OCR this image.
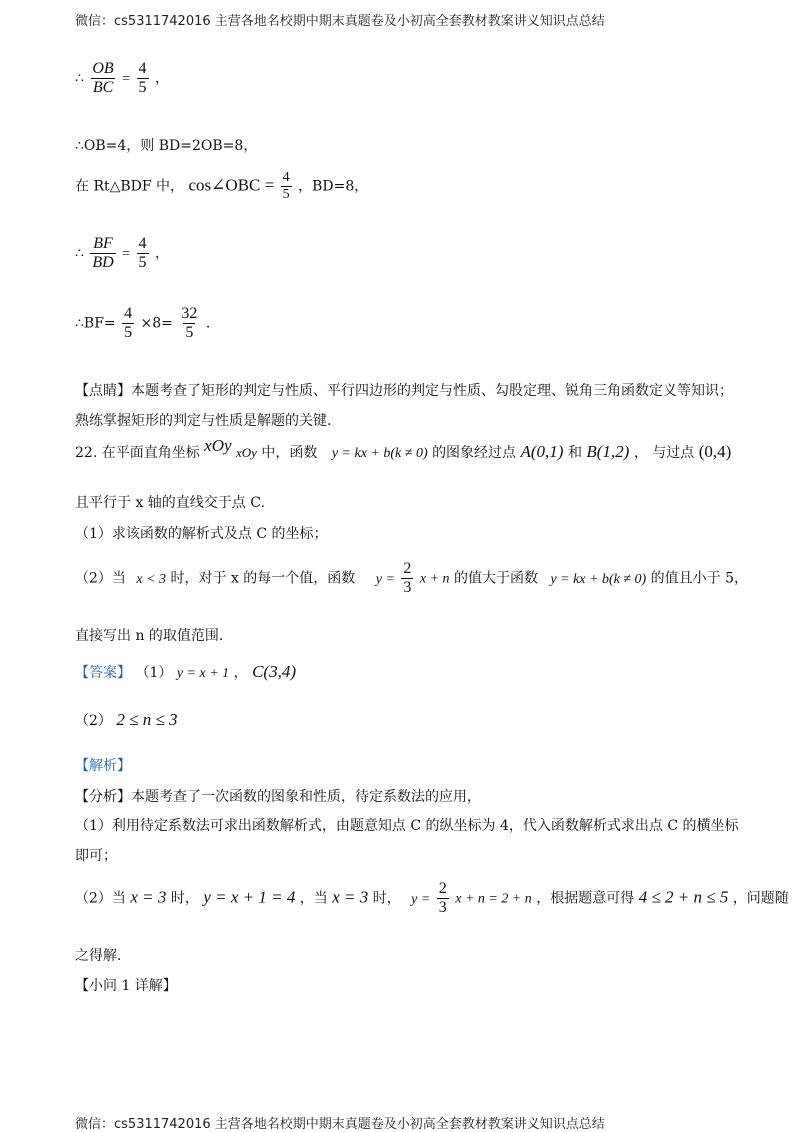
微信：cs5311742016 主营各地名校期中期末真题卷及小初高全套教材教案讲义知识点总结
∴ $\frac{OB}{BC} = \frac{4}{5}$ ，
∴OB=4，则 BD=2OB=8，
在 Rt△BDF 中， cos∠OBC = $\frac{4}{5}$ ，BD=8，
∴ $\frac{BF}{BD} = \frac{4}{5}$ ，
∴BF= $\frac{4}{5} \times 8= \frac{32}{5}$ ．
【点睛】本题考查了矩形的判定与性质、平行四边形的判定与性质、勾股定理、锐角三角函数定义等知识；
熟练掌握矩形的判定与性质是解题的关键．
22. 在平面直角坐标 xOy xOy 中，函数 y = kx + b(k ≠ 0) 的图象经过点 A(0,1) 和 B(1,2) ， 与过点 (0,4)
且平行于 x 轴的直线交于点 C.
（1）求该函数的解析式及点 C 的坐标；
（2）当 x < 3 时，对于 x 的每一个值，函数 $y = \frac{2}{3}$ x + n 的值大于函数 y = kx + b(k ≠ 0) 的值且小于 5，
直接写出 n 的取值范围．
【答案】 （1） y = x + 1 ， C(3,4)
（2） 2 ≤ n ≤ 3
【解析】
【分析】本题考查了一次函数的图象和性质，待定系数法的应用，
（1）利用待定系数法可求出函数解析式，由题意知点 C 的纵坐标为 4，代入函数解析式求出点 C 的横坐标
即可；
（2）当 x = 3 时， y = x + 1 = 4 ，当 x = 3 时， $y = \frac{2}{3}$ x + n = 2 + n ，根据题意可得 4 ≤ 2 + n ≤ 5 ，问题随
之得解．
【小问 1 详解】
微信：cs5311742016 主营各地名校期中期末真题卷及小初高全套教材教案讲义知识点总结
